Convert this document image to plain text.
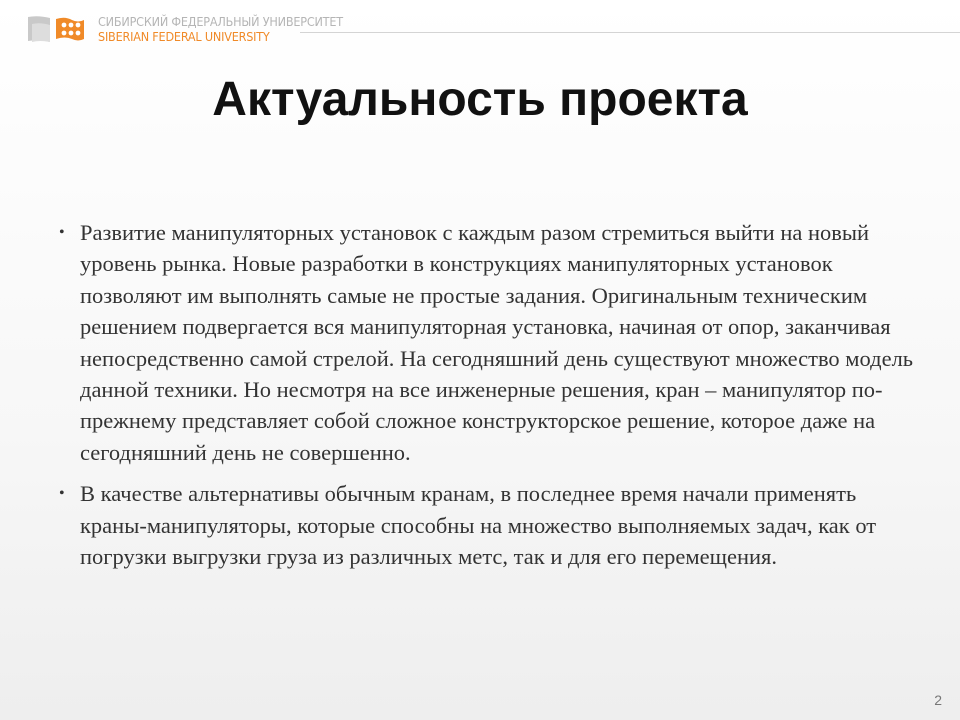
СИБИРСКИЙ ФЕДЕРАЛЬНЫЙ УНИВЕРСИТЕТ
SIBERIAN FEDERAL UNIVERSITY
Актуальность проекта
• Развитие манипуляторных установок с каждым разом стремиться выйти на новый уровень рынка. Новые разработки в конструкциях манипуляторных установок позволяют им выполнять самые не простые задания. Оригинальным техническим решением подвергается вся манипуляторная установка, начиная от опор, заканчивая непосредственно самой стрелой. На сегодняшний день существуют множество модель данной техники. Но несмотря на все инженерные решения, кран – манипулятор по-прежнему представляет собой сложное конструкторское решение, которое даже на сегодняшний день не совершенно.
• В качестве альтернативы обычным кранам, в последнее время начали применять краны-манипуляторы, которые способны на множество выполняемых задач, как от погрузки выгрузки груза из различных метс, так и для его перемещения.
2
